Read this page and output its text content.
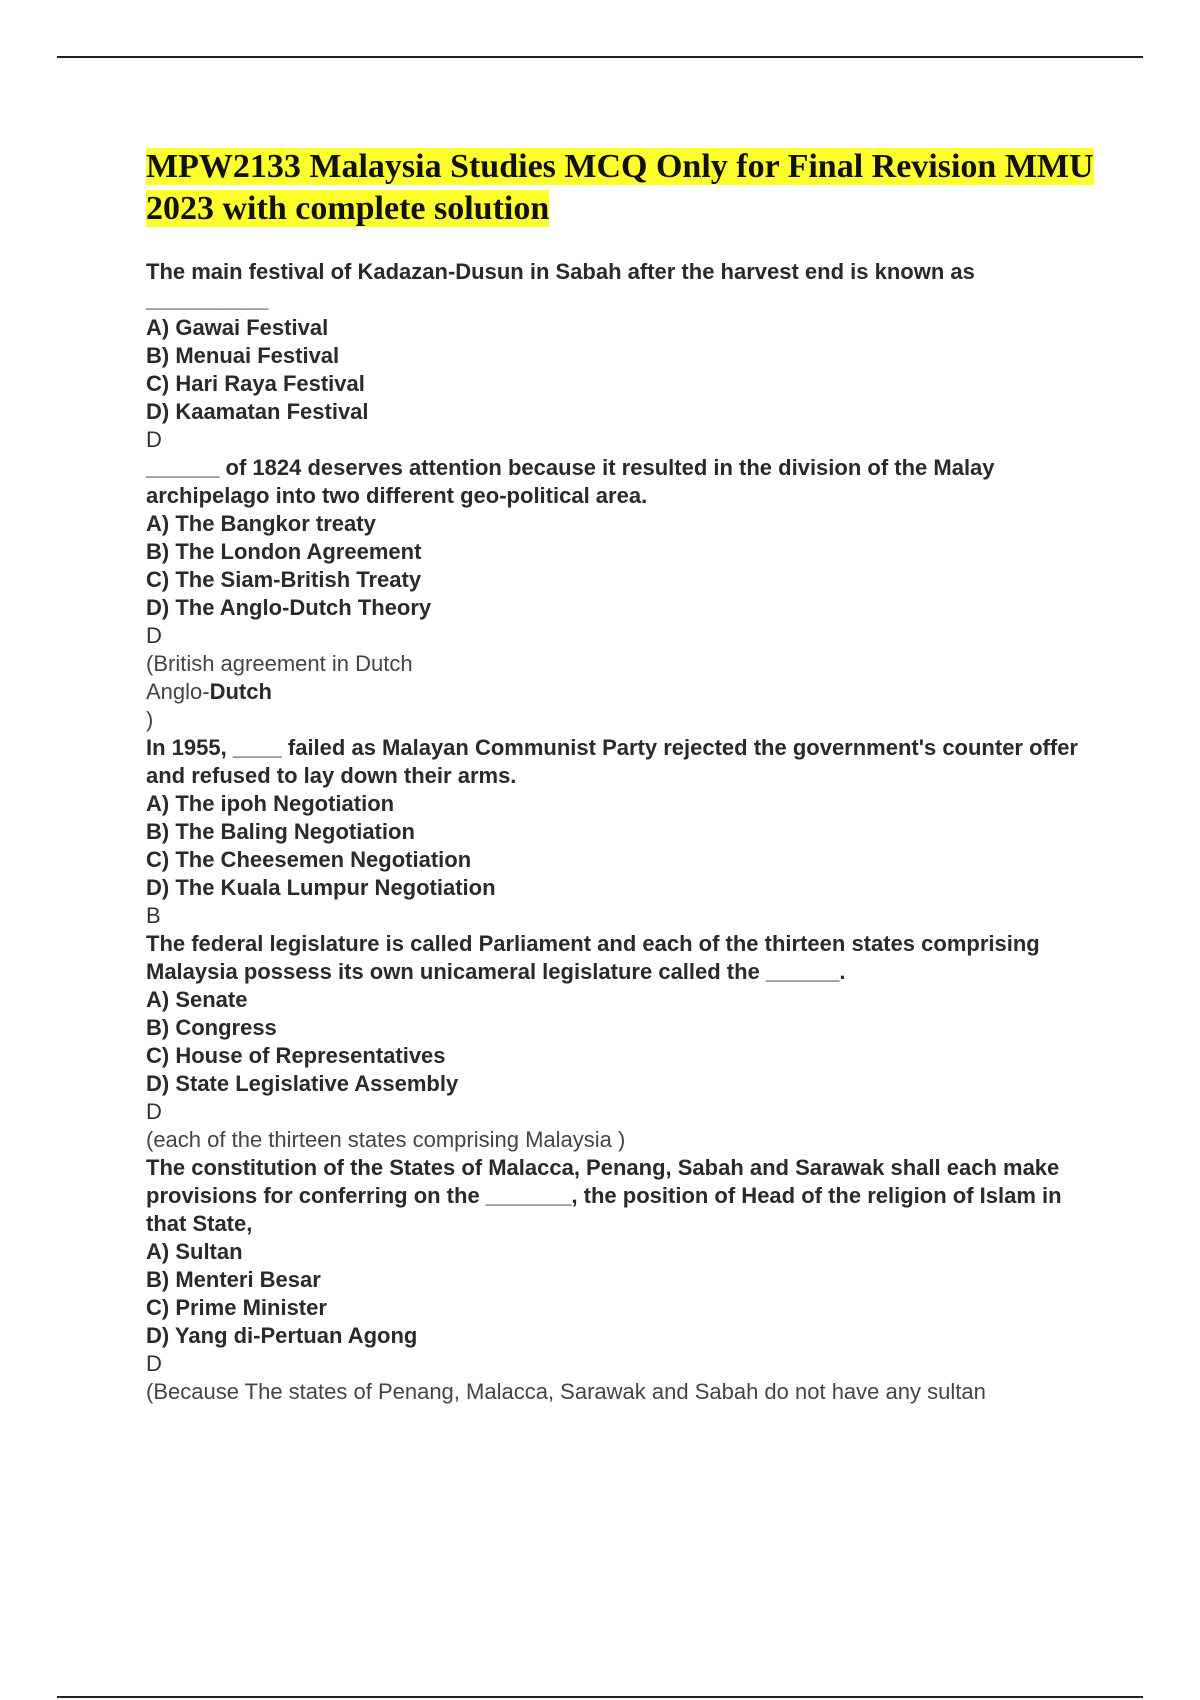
MPW2133 Malaysia Studies MCQ Only for Final Revision MMU 2023 with complete solution

The main festival of Kadazan-Dusun in Sabah after the harvest end is known as

__________

A) Gawai Festival

B) Menuai Festival

C) Hari Raya Festival

D) Kaamatan Festival

D

______ of 1824 deserves attention because it resulted in the division of the Malay archipelago into two different geo-political area.

A) The Bangkor treaty

B) The London Agreement

C) The Siam-British Treaty

D) The Anglo-Dutch Theory

D

(British agreement in Dutch

Anglo-Dutch

)

In 1955, ____ failed as Malayan Communist Party rejected the government's counter offer and refused to lay down their arms.

A) The ipoh Negotiation

B) The Baling Negotiation

C) The Cheesemen Negotiation

D) The Kuala Lumpur Negotiation

B

The federal legislature is called Parliament and each of the thirteen states comprising Malaysia possess its own unicameral legislature called the ______.

A) Senate

B) Congress

C) House of Representatives

D) State Legislative Assembly

D

(each of the thirteen states comprising Malaysia )

The constitution of the States of Malacca, Penang, Sabah and Sarawak shall each make provisions for conferring on the _______, the position of Head of the religion of Islam in that State,

A) Sultan

B) Menteri Besar

C) Prime Minister

D) Yang di-Pertuan Agong

D

(Because The states of Penang, Malacca, Sarawak and Sabah do not have any sultan
